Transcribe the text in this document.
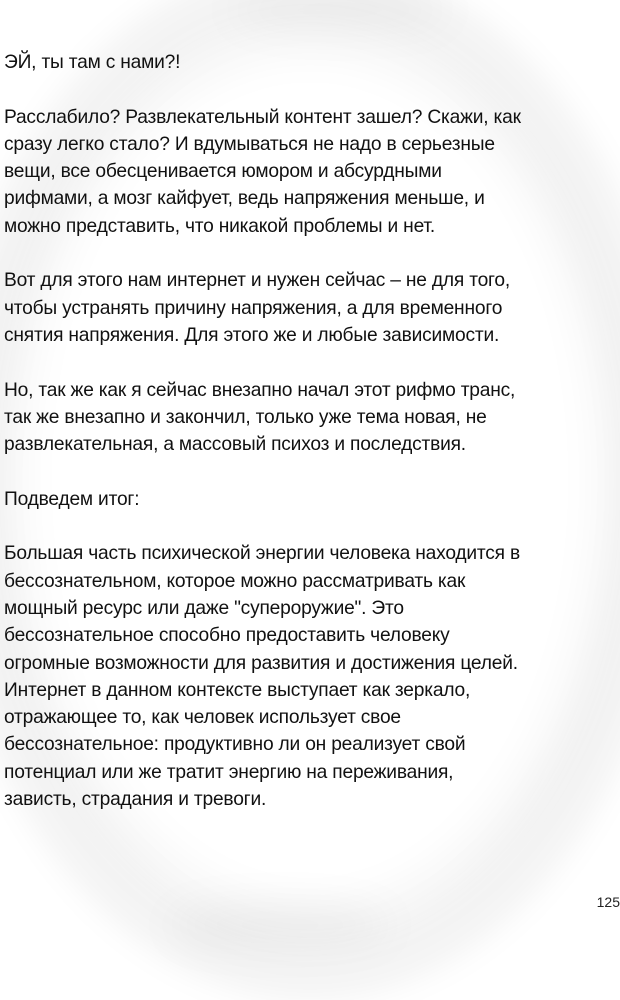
ЭЙ, ты там с нами?!

Расслабило? Развлекательный контент зашел? Скажи, как
сразу легко стало? И вдумываться не надо в серьезные
вещи, все обесценивается юмором и абсурдными
рифмами, а мозг кайфует, ведь напряжения меньше, и
можно представить, что никакой проблемы и нет.

Вот для этого нам интернет и нужен сейчас – не для того,
чтобы устранять причину напряжения, а для временного
снятия напряжения. Для этого же и любые зависимости.

Но, так же как я сейчас внезапно начал этот рифмо транс,
так же внезапно и закончил, только уже тема новая, не
развлекательная, а массовый психоз и последствия.

Подведем итог:

Большая часть психической энергии человека находится в
бессознательном, которое можно рассматривать как
мощный ресурс или даже "супероружие". Это
бессознательное способно предоставить человеку
огромные возможности для развития и достижения целей.
Интернет в данном контексте выступает как зеркало,
отражающее то, как человек использует свое
бессознательное: продуктивно ли он реализует свой
потенциал или же тратит энергию на переживания,
зависть, страдания и тревоги.

125
